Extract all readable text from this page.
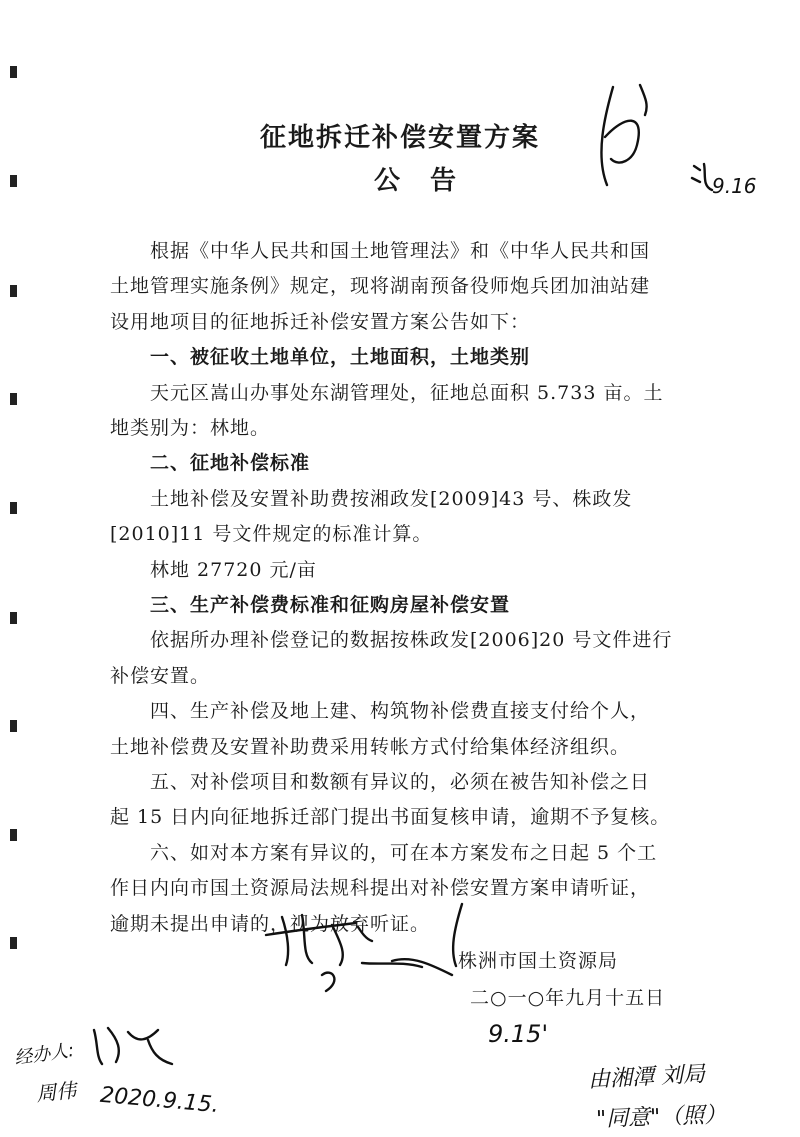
征地拆迁补偿安置方案
公告
根据《中华人民共和国土地管理法》和《中华人民共和国
土地管理实施条例》规定，现将湖南预备役师炮兵团加油站建
设用地项目的征地拆迁补偿安置方案公告如下：
一、被征收土地单位，土地面积，土地类别
天元区嵩山办事处东湖管理处，征地总面积 5.733 亩。土
地类别为：林地。
二、征地补偿标准
土地补偿及安置补助费按湘政发[2009]43 号、株政发
[2010]11 号文件规定的标准计算。
林地 27720 元/亩
三、生产补偿费标准和征购房屋补偿安置
依据所办理补偿登记的数据按株政发[2006]20 号文件进行
补偿安置。
四、生产补偿及地上建、构筑物补偿费直接支付给个人，
土地补偿费及安置补助费采用转帐方式付给集体经济组织。
五、对补偿项目和数额有异议的，必须在被告知补偿之日
起 15 日内向征地拆迁部门提出书面复核申请，逾期不予复核。
六、如对本方案有异议的，可在本方案发布之日起 5 个工
作日内向市国土资源局法规科提出对补偿安置方案申请听证，
逾期未提出申请的，视为放弃听证。
株洲市国土资源局
二○一○年九月十五日
9.16
9.15'
经办人:
周伟 2020.9.15.
由湘潭 刘局
"同意"（照）
